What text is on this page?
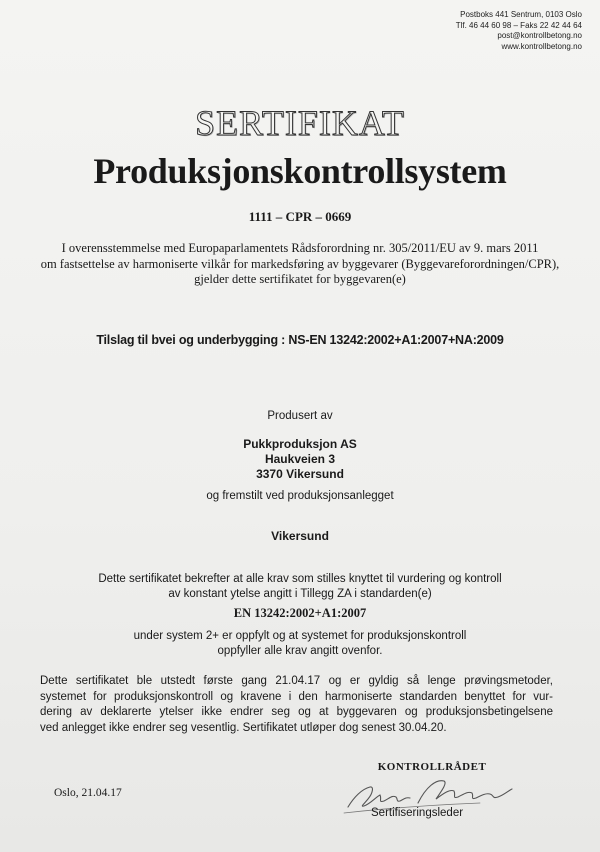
Postboks 441 Sentrum, 0103 Oslo
Tlf. 46 44 60 98 – Faks 22 42 44 64
post@kontrollbetong.no
www.kontrollbetong.no
SERTIFIKAT
Produksjonskontrollsystem
1111 – CPR – 0669
I overensstemmelse med Europaparlamentets Rådsforordning nr. 305/2011/EU av 9. mars 2011
om fastsettelse av harmoniserte vilkår for markedsføring av byggevarer (Byggevareforordningen/CPR),
gjelder dette sertifikatet for byggevaren(e)
Tilslag til bvei og underbygging : NS-EN 13242:2002+A1:2007+NA:2009
Produsert av
Pukkproduksjon AS
Haukveien 3
3370 Vikersund
og fremstilt ved produksjonsanlegget
Vikersund
Dette sertifikatet bekrefter at alle krav som stilles knyttet til vurdering og kontroll
av konstant ytelse angitt i Tillegg ZA i standarden(e)
EN 13242:2002+A1:2007
under system 2+ er oppfylt og at systemet for produksjonskontroll
oppfyller alle krav angitt ovenfor.
Dette sertifikatet ble utstedt første gang 21.04.17 og er gyldig så lenge prøvingsmetoder,
systemet for produksjonskontroll og kravene i den harmoniserte standarden benyttet for vur-
dering av deklarerte ytelser ikke endrer seg og at byggevaren og produksjonsbetingelsene
ved anlegget ikke endrer seg vesentlig. Sertifikatet utløper dog senest 30.04.20.
KONTROLLRÅDET
Oslo, 21.04.17
Sertifiseringsleder
